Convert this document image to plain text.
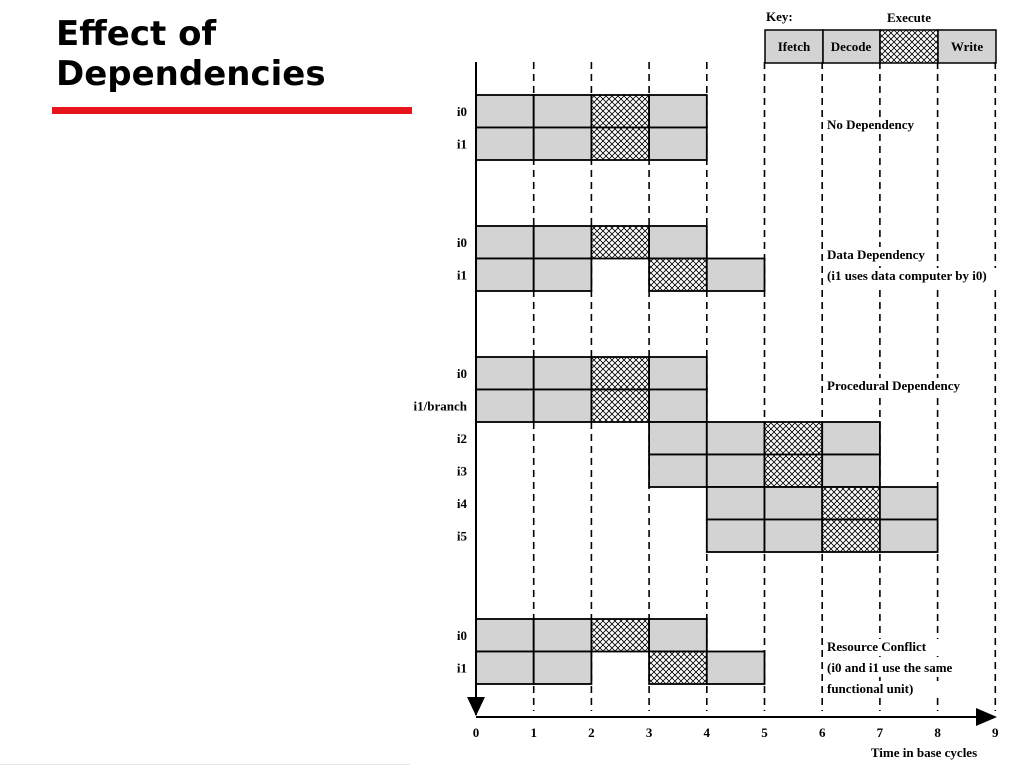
Effect of
Dependencies
Key:	Execute
Ifetch Decode	Write
i0
i1
i0
i1
i0
i1/branch
i2
i3
i4
i5
i0
i1
No Dependency
Data Dependency
(i1 uses data computer by i0)
Procedural Dependency
Resource Conflict
(i0 and i1 use the same
functional unit)
0	1	2	3	4	5	6	7	8	9
Time in base cycles
